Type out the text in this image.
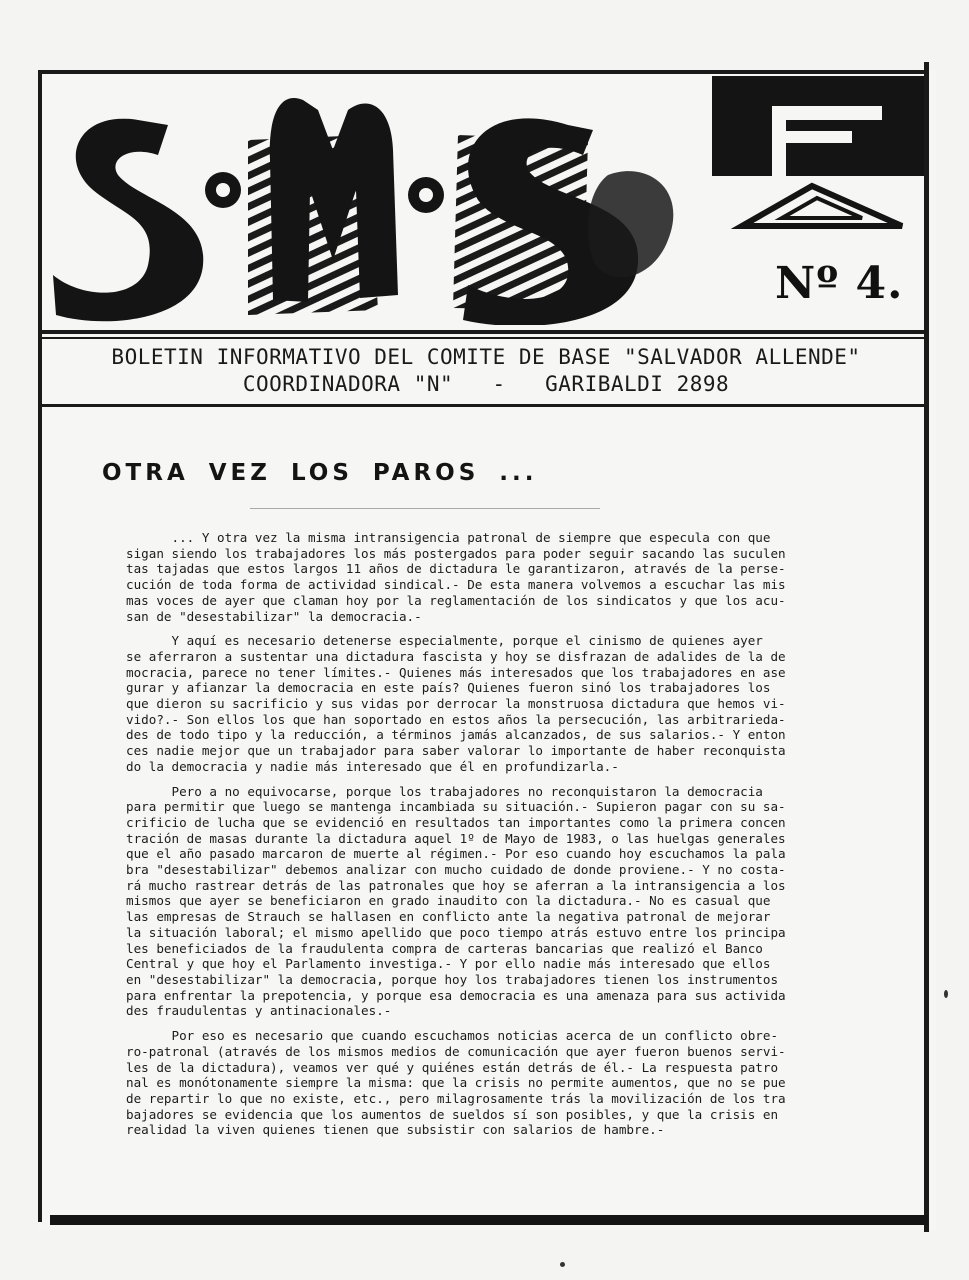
Nº 4.
BOLETIN INFORMATIVO DEL COMITE DE BASE "SALVADOR ALLENDE"
COORDINADORA "N"   -   GARIBALDI 2898
OTRA VEZ LOS PAROS ...

... Y otra vez la misma intransigencia patronal de siempre que especula con que
sigan siendo los trabajadores los más postergados para poder seguir sacando las suculen
tas tajadas que estos largos 11 años de dictadura le garantizaron, através de la perse-
cución de toda forma de actividad sindical.- De esta manera volvemos a escuchar las mis
mas voces de ayer que claman hoy por la reglamentación de los sindicatos y que los acu-
san de "desestabilizar" la democracia.-

Y aquí es necesario detenerse especialmente, porque el cinismo de quienes ayer
se aferraron a sustentar una dictadura fascista y hoy se disfrazan de adalides de la de
mocracia, parece no tener límites.- Quienes más interesados que los trabajadores en ase
gurar y afianzar la democracia en este país? Quienes fueron sinó los trabajadores los
que dieron su sacrificio y sus vidas por derrocar la monstruosa dictadura que hemos vi-
vido?.- Son ellos los que han soportado en estos años la persecución, las arbitrarieda-
des de todo tipo y la reducción, a términos jamás alcanzados, de sus salarios.- Y enton
ces nadie mejor que un trabajador para saber valorar lo importante de haber reconquista
do la democracia y nadie más interesado que él en profundizarla.-

Pero a no equivocarse, porque los trabajadores no reconquistaron la democracia
para permitir que luego se mantenga incambiada su situación.- Supieron pagar con su sa-
crificio de lucha que se evidenció en resultados tan importantes como la primera concen
tración de masas durante la dictadura aquel 1º de Mayo de 1983, o las huelgas generales
que el año pasado marcaron de muerte al régimen.- Por eso cuando hoy escuchamos la pala
bra "desestabilizar" debemos analizar con mucho cuidado de donde proviene.- Y no costa-
rá mucho rastrear detrás de las patronales que hoy se aferran a la intransigencia a los
mismos que ayer se beneficiaron en grado inaudito con la dictadura.- No es casual que
las empresas de Strauch se hallasen en conflicto ante la negativa patronal de mejorar
la situación laboral; el mismo apellido que poco tiempo atrás estuvo entre los principa
les beneficiados de la fraudulenta compra de carteras bancarias que realizó el Banco
Central y que hoy el Parlamento investiga.- Y por ello nadie más interesado que ellos
en "desestabilizar" la democracia, porque hoy los trabajadores tienen los instrumentos
para enfrentar la prepotencia, y porque esa democracia es una amenaza para sus activida
des fraudulentas y antinacionales.-

Por eso es necesario que cuando escuchamos noticias acerca de un conflicto obre-
ro-patronal (através de los mismos medios de comunicación que ayer fueron buenos servi-
les de la dictadura), veamos ver qué y quiénes están detrás de él.- La respuesta patro
nal es monótonamente siempre la misma: que la crisis no permite aumentos, que no se pue
de repartir lo que no existe, etc., pero milagrosamente trás la movilización de los tra
bajadores se evidencia que los aumentos de sueldos sí son posibles, y que la crisis en
realidad la viven quienes tienen que subsistir con salarios de hambre.-
